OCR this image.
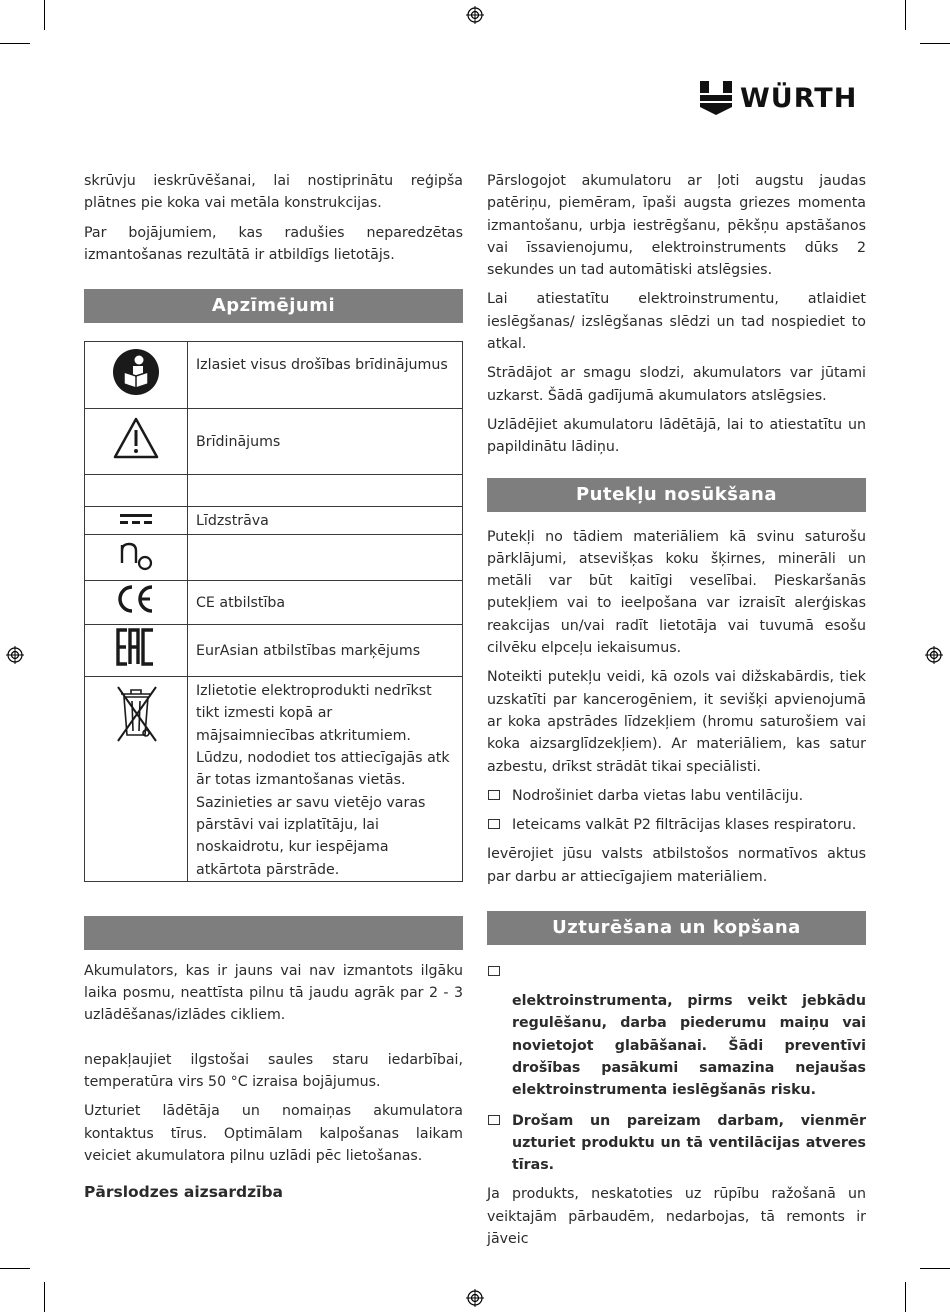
WÜRTH

skrūvju ieskrūvēšanai, lai nostiprinātu reģipša plātnes pie koka vai metāla konstrukcijas.

Par bojājumiem, kas radušies neparedzētas izmantošanas rezultātā ir atbildīgs lietotājs.

Apzīmējumi
	Izlasiet visus drošības brīdinājumus
	Brīdinājums

	Līdzstrāva

	CE atbilstība
	EurAsian atbilstības marķējums
	Izlietotie elektroprodukti nedrīkst tikt izmesti kopā ar mājsaimniecības atkritumiem. Lūdzu, nododiet tos attiecīgajās atk ār totas izmantošanas vietās. Sazinieties ar savu vietējo varas pārstāvi vai izplatītāju, lai noskaidrotu, kur iespējama atkārtota pārstrāde.

Akumulators, kas ir jauns vai nav izmantots ilgāku laika posmu, neattīsta pilnu tā jaudu agrāk par 2 - 3 uzlādēšanas/izlādes cikliem.

nepakļaujiet ilgstošai saules staru iedarbībai, temperatūra virs 50 °C izraisa bojājumus.

Uzturiet lādētāja un nomaiņas akumulatora kontaktus tīrus. Optimālam kalpošanas laikam veiciet akumulatora pilnu uzlādi pēc lietošanas.

Pārslodzes aizsardzība

Pārslogojot akumulatoru ar ļoti augstu jaudas patēriņu, piemēram, īpaši augsta griezes momenta izmantošanu, urbja iestrēgšanu, pēkšņu apstāšanos vai īssavienojumu, elektroinstruments dūks 2 sekundes un tad automātiski atslēgsies.

Lai atiestatītu elektroinstrumentu, atlaidiet ieslēgšanas/ izslēgšanas slēdzi un tad nospiediet to atkal.

Strādājot ar smagu slodzi, akumulators var jūtami uzkarst. Šādā gadījumā akumulators atslēgsies.

Uzlādējiet akumulatoru lādētājā, lai to atiestatītu un papildinātu lādiņu.

Putekļu nosūkšana

Putekļi no tādiem materiāliem kā svinu saturošu pārklājumi, atsevišķas koku šķirnes, minerāli un metāli var būt kaitīgi veselībai. Pieskaršanās putekļiem vai to ieelpošana var izraisīt alerģiskas reakcijas un/vai radīt lietotāja vai tuvumā esošu cilvēku elpceļu iekaisumus.

Noteikti putekļu veidi, kā ozols vai dižskabārdis, tiek uzskatīti par kancerogēniem, it sevišķi apvienojumā ar koka apstrādes līdzekļiem (hromu saturošiem vai koka aizsarglīdzekļiem). Ar materiāliem, kas satur azbestu, drīkst strādāt tikai speciālisti.

Nodrošiniet darba vietas labu ventilāciju.
Ieteicams valkāt P2 filtrācijas klases respiratoru.

Ievērojiet jūsu valsts atbilstošos normatīvos aktus par darbu ar attiecīgajiem materiāliem.

Uzturēšana un kopšana
elektroinstrumenta, pirms veikt jebkādu regulēšanu, darba piederumu maiņu vai novietojot glabāšanai. Šādi preventīvi drošības pasākumi samazina nejaušas elektroinstrumenta ieslēgšanās risku.
Drošam un pareizam darbam, vienmēr uzturiet produktu un tā ventilācijas atveres tīras.

Ja produkts, neskatoties uz rūpību ražošanā un veiktajām pārbaudēm, nedarbojas, tā remonts ir jāveic
